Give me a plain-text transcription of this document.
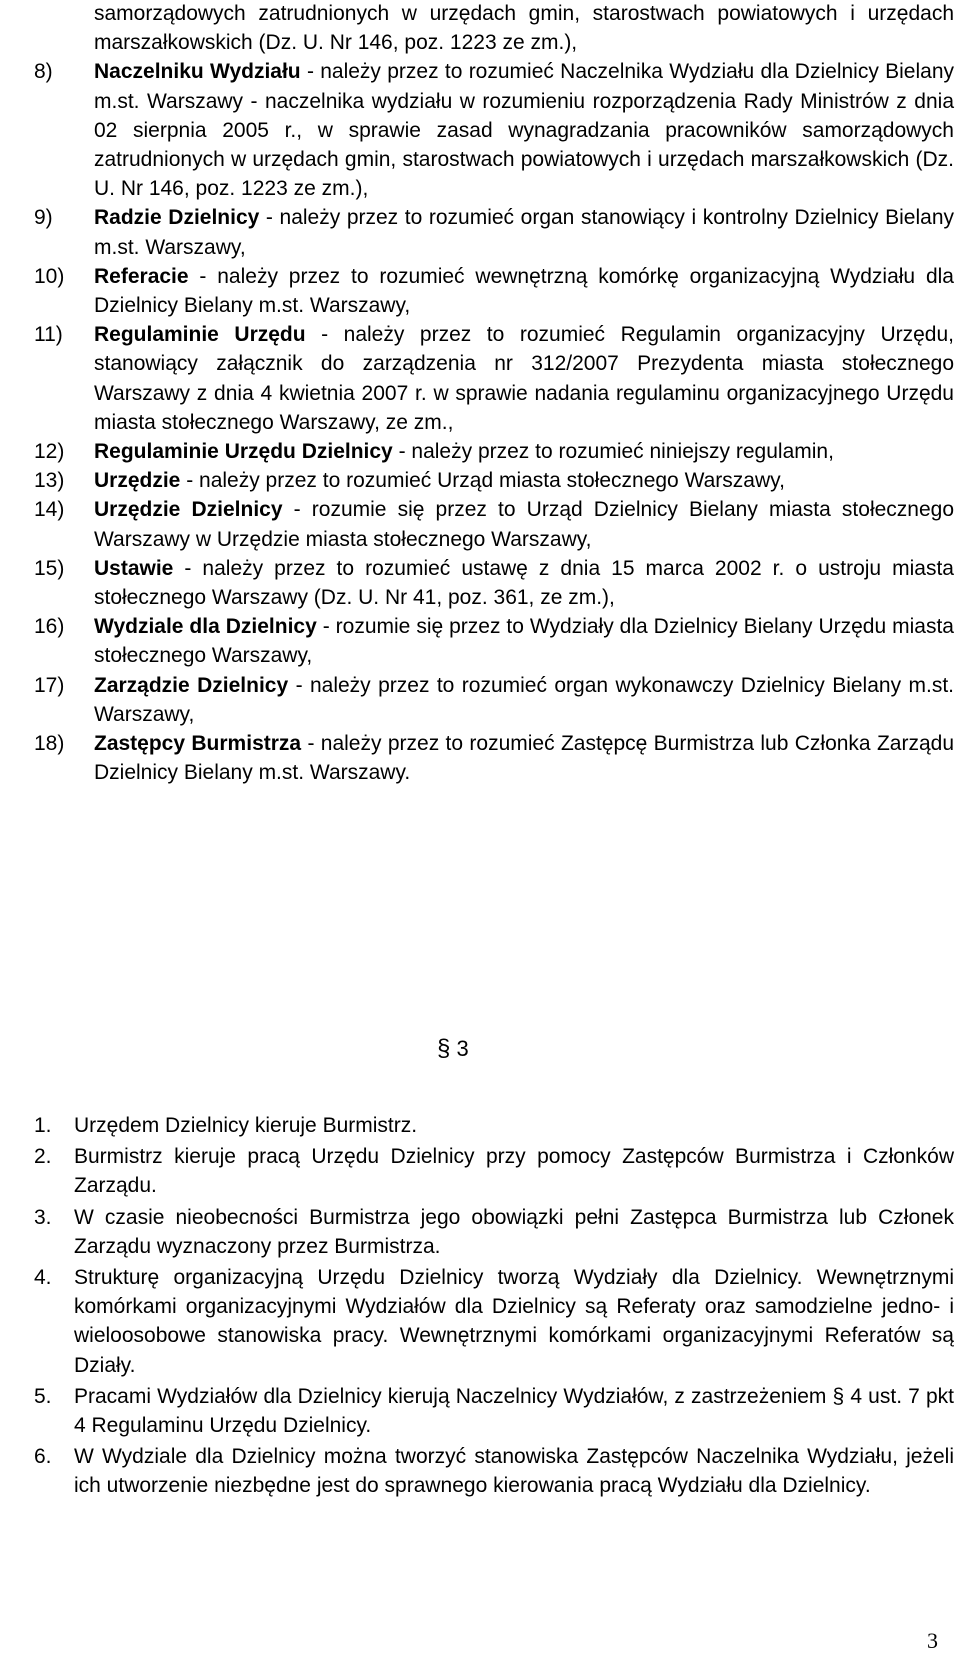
samorządowych zatrudnionych w urzędach gmin, starostwach powiatowych i urzędach marszałkowskich (Dz. U. Nr 146, poz. 1223 ze zm.),
8) Naczelniku Wydziału - należy przez to rozumieć Naczelnika Wydziału dla Dzielnicy Bielany m.st. Warszawy - naczelnika wydziału w rozumieniu rozporządzenia Rady Ministrów z dnia 02 sierpnia 2005 r., w sprawie zasad wynagradzania pracowników samorządowych zatrudnionych w urzędach gmin, starostwach powiatowych i urzędach marszałkowskich (Dz. U. Nr 146, poz. 1223 ze zm.),
9) Radzie Dzielnicy - należy przez to rozumieć organ stanowiący i kontrolny Dzielnicy Bielany m.st. Warszawy,
10) Referacie - należy przez to rozumieć wewnętrzną komórkę organizacyjną Wydziału dla Dzielnicy Bielany m.st. Warszawy,
11) Regulaminie Urzędu - należy przez to rozumieć Regulamin organizacyjny Urzędu, stanowiący załącznik do zarządzenia nr 312/2007 Prezydenta miasta stołecznego Warszawy z dnia 4 kwietnia 2007 r. w sprawie nadania regulaminu organizacyjnego Urzędu miasta stołecznego Warszawy, ze zm.,
12) Regulaminie Urzędu Dzielnicy - należy przez to rozumieć niniejszy regulamin,
13) Urzędzie - należy przez to rozumieć Urząd miasta stołecznego Warszawy,
14) Urzędzie Dzielnicy - rozumie się przez to Urząd Dzielnicy Bielany miasta stołecznego Warszawy w Urzędzie miasta stołecznego Warszawy,
15) Ustawie - należy przez to rozumieć ustawę z dnia 15 marca 2002 r. o ustroju miasta stołecznego Warszawy (Dz. U. Nr 41, poz. 361, ze zm.),
16) Wydziale dla Dzielnicy - rozumie się przez to Wydziały dla Dzielnicy Bielany Urzędu miasta stołecznego Warszawy,
17) Zarządzie Dzielnicy - należy przez to rozumieć organ wykonawczy Dzielnicy Bielany m.st. Warszawy,
18) Zastępcy Burmistrza - należy przez to rozumieć Zastępcę Burmistrza lub Członka Zarządu Dzielnicy Bielany m.st. Warszawy.
§ 3
1. Urzędem Dzielnicy kieruje Burmistrz.
2. Burmistrz kieruje pracą Urzędu Dzielnicy przy pomocy Zastępców Burmistrza i Członków Zarządu.
3. W czasie nieobecności Burmistrza jego obowiązki pełni Zastępca Burmistrza lub Członek Zarządu wyznaczony przez Burmistrza.
4. Strukturę organizacyjną Urzędu Dzielnicy tworzą Wydziały dla Dzielnicy. Wewnętrznymi komórkami organizacyjnymi Wydziałów dla Dzielnicy są Referaty oraz samodzielne jedno- i wieloosobowe stanowiska pracy. Wewnętrznymi komórkami organizacyjnymi Referatów są Działy.
5. Pracami Wydziałów dla Dzielnicy kierują Naczelnicy Wydziałów, z zastrzeżeniem § 4 ust. 7 pkt 4 Regulaminu Urzędu Dzielnicy.
6. W Wydziale dla Dzielnicy można tworzyć stanowiska Zastępców Naczelnika Wydziału, jeżeli ich utworzenie niezbędne jest do sprawnego kierowania pracą Wydziału dla Dzielnicy.
3
